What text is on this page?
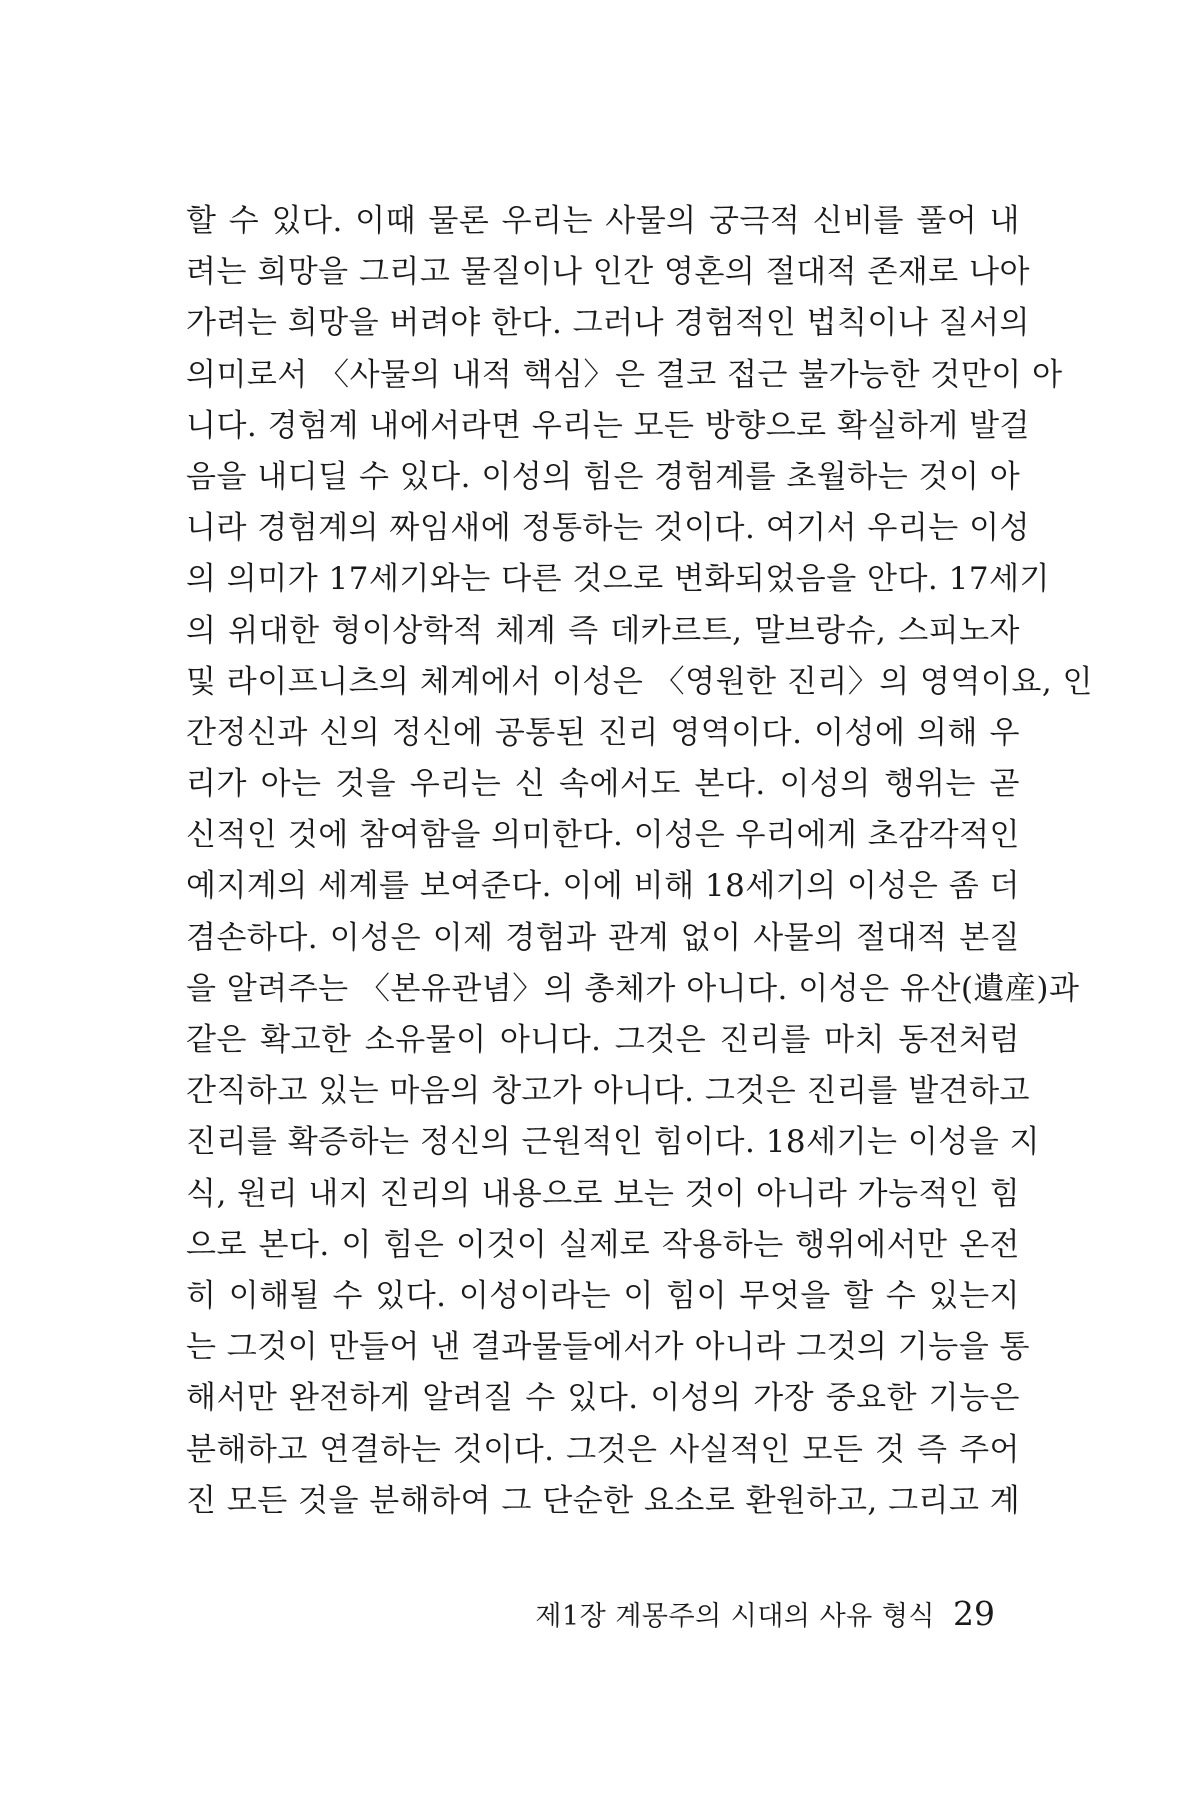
할 수 있다. 이때 물론 우리는 사물의 궁극적 신비를 풀어 내
려는 희망을 그리고 물질이나 인간 영혼의 절대적 존재로 나아
가려는 희망을 버려야 한다. 그러나 경험적인 법칙이나 질서의
의미로서 〈사물의 내적 핵심〉은 결코 접근 불가능한 것만이 아
니다. 경험계 내에서라면 우리는 모든 방향으로 확실하게 발걸
음을 내디딜 수 있다. 이성의 힘은 경험계를 초월하는 것이 아
니라 경험계의 짜임새에 정통하는 것이다. 여기서 우리는 이성
의 의미가 17세기와는 다른 것으로 변화되었음을 안다. 17세기
의 위대한 형이상학적 체계 즉 데카르트, 말브랑슈, 스피노자
및 라이프니츠의 체계에서 이성은 〈영원한 진리〉의 영역이요, 인
간정신과 신의 정신에 공통된 진리 영역이다. 이성에 의해 우
리가 아는 것을 우리는 신 속에서도 본다. 이성의 행위는 곧
신적인 것에 참여함을 의미한다. 이성은 우리에게 초감각적인
예지계의 세계를 보여준다. 이에 비해 18세기의 이성은 좀 더
겸손하다. 이성은 이제 경험과 관계 없이 사물의 절대적 본질
을 알려주는 〈본유관념〉의 총체가 아니다. 이성은 유산(遺産)과
같은 확고한 소유물이 아니다. 그것은 진리를 마치 동전처럼
간직하고 있는 마음의 창고가 아니다. 그것은 진리를 발견하고
진리를 확증하는 정신의 근원적인 힘이다. 18세기는 이성을 지
식, 원리 내지 진리의 내용으로 보는 것이 아니라 가능적인 힘
으로 본다. 이 힘은 이것이 실제로 작용하는 행위에서만 온전
히 이해될 수 있다. 이성이라는 이 힘이 무엇을 할 수 있는지
는 그것이 만들어 낸 결과물들에서가 아니라 그것의 기능을 통
해서만 완전하게 알려질 수 있다. 이성의 가장 중요한 기능은
분해하고 연결하는 것이다. 그것은 사실적인 모든 것 즉 주어
진 모든 것을 분해하여 그 단순한 요소로 환원하고, 그리고 계
제1장 계몽주의 시대의 사유 형식 29
